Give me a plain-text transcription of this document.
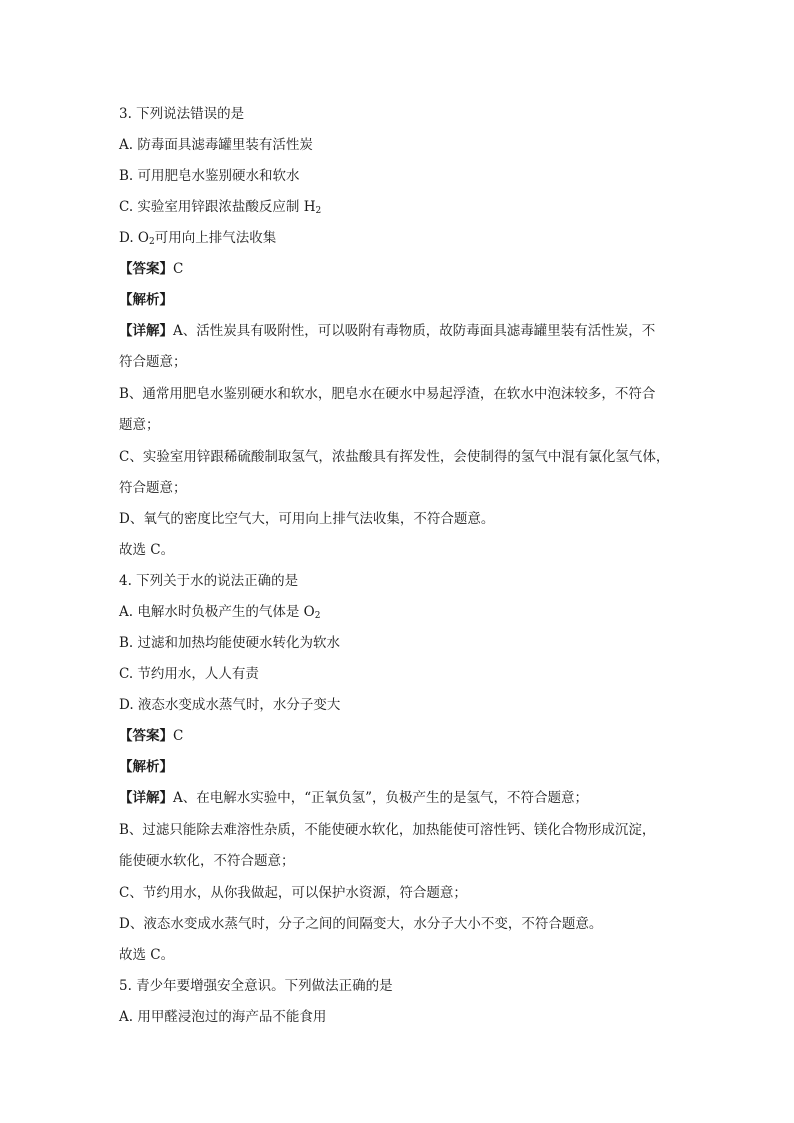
3. 下列说法错误的是
A. 防毒面具滤毒罐里装有活性炭
B. 可用肥皂水鉴别硬水和软水
C. 实验室用锌跟浓盐酸反应制 $H_2$
D. $O_2$可用向上排气法收集
【答案】C
【解析】
【详解】A、活性炭具有吸附性，可以吸附有毒物质，故防毒面具滤毒罐里装有活性炭，不
符合题意；
B、通常用肥皂水鉴别硬水和软水，肥皂水在硬水中易起浮渣，在软水中泡沫较多，不符合
题意；
C、实验室用锌跟稀硫酸制取氢气，浓盐酸具有挥发性，会使制得的氢气中混有氯化氢气体，
符合题意；
D、氧气的密度比空气大，可用向上排气法收集，不符合题意。
故选 C。
4. 下列关于水的说法正确的是
A. 电解水时负极产生的气体是 $O_2$
B. 过滤和加热均能使硬水转化为软水
C. 节约用水，人人有责
D. 液态水变成水蒸气时，水分子变大
【答案】C
【解析】
【详解】A、在电解水实验中，“正氧负氢”，负极产生的是氢气，不符合题意；
B、过滤只能除去难溶性杂质，不能使硬水软化，加热能使可溶性钙、镁化合物形成沉淀，
能使硬水软化，不符合题意；
C、节约用水，从你我做起，可以保护水资源，符合题意；
D、液态水变成水蒸气时，分子之间的间隔变大，水分子大小不变，不符合题意。
故选 C。
5. 青少年要增强安全意识。下列做法正确的是
A. 用甲醛浸泡过的海产品不能食用
